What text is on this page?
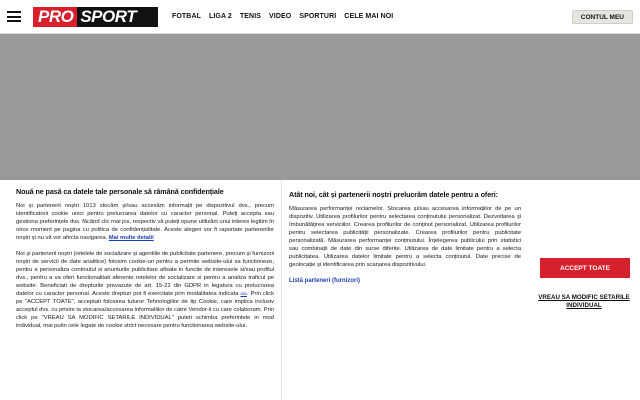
PRO SPORT	FOTBAL LIGA 2 TENIS VIDEO SPORTURI CELE MAI NOI	CONTUL MEU
Nouă ne pasă ca datele tale personale să rămână confidențiale

Noi și partenerii noștri 1013 stocăm și/sau accesăm informații pe dispozitivul dvs., precum identificatorii cookie unici pentru prelucrarea datelor cu caracter personal. Puteți accepta sau gestiona preferințele dvs. făcând clic mai jos, respectiv vă puteți opune utilizării unui interes legitim în orice moment pe pagina cu politica de confidențialitate. Aceste alegeri vor fi raportate partenerilor noștri și nu vă vor afecta navigarea. Mai multe detalii

Noi și partenerii noștri (retelele de socializare și agentiile de publicitate partenere, precum și furnizorii noștri de servicii de date analitice) folosim cookie-uri pentru a permite website-ului sa functioneze, pentru a personaliza continutul si anunturile publicitare afisate in functie de interesele si/sau profilul dvs., pentru a va oferi functionalitati aferente retelelor de socializare si pentru a analiza traficul pe website. Beneficiati de drepturile prevazute de art. 15-22 din GDPR in legatura cu prelucrarea datelor cu caracter personal. Aceste drepturi pot fi exercitate prin modalitatea indicata aici. Prin click pe "ACCEPT TOATE", acceptati folosirea tuturor Tehnologiilor de tip Cookie, care implica inclusiv acceptul dvs. cu privire la stocarea/accesarea informatiilor de catre Vendor-ii cu care colaboram. Prin click pe "VREAU SA MODIFIC SETARILE INDIVIDUAL" puteti schimba preferintele in mod individual, mai putin cele legate de cookie strict necesare pentru functionarea website-ului.

Atât noi, cât și partenerii noștri prelucrăm datele pentru a oferi:

Măsurarea performanței reclamelor. Stocarea și/sau accesarea informațiilor de pe un dispozitiv. Utilizarea profilurilor pentru selectarea conținutului personalizat. Dezvoltarea și îmbunătățirea serviciilor. Crearea profilurilor de conținut personalizat. Utilizarea profilurilor pentru selectarea publicității personalizate. Crearea profilurilor pentru publicitate personalizată. Măsurarea performanței conținutului. Înțelegerea publicului prin statistici sau combinații de date din surse diferite. Utilizarea de date limitate pentru a selecta publicitatea. Utilizarea datelor limitate pentru a selecta conținutul. Date precise de geolocație și identificarea prin scanarea dispozitivului.

Listă parteneri (furnizori)
ACCEPT TOATE
VREAU SA MODIFIC SETARILE INDIVIDUAL
